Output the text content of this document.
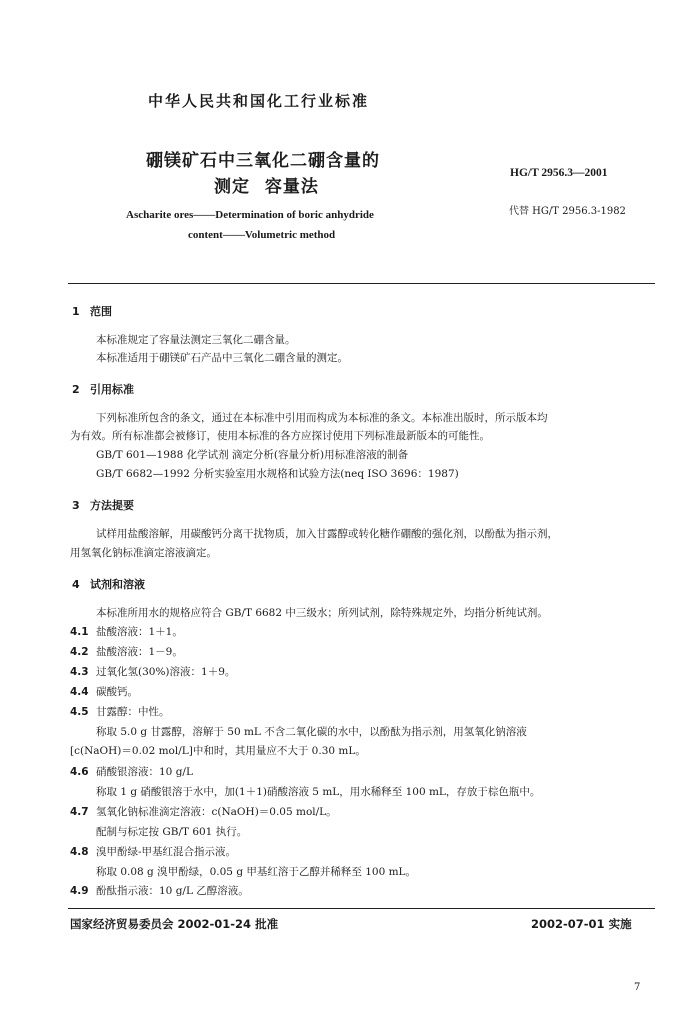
中华人民共和国化工行业标准
硼镁矿石中三氧化二硼含量的
测定 容量法
HG/T 2956.3—2001
代替 HG/T 2956.3-1982
Ascharite ores——Determination of boric anhydride
content——Volumetric method
1 范围
本标准规定了容量法测定三氧化二硼含量。
本标准适用于硼镁矿石产品中三氧化二硼含量的测定。
2 引用标准
下列标准所包含的条文，通过在本标准中引用而构成为本标准的条文。本标准出版时，所示版本均
为有效。所有标准都会被修订，使用本标准的各方应探讨使用下列标准最新版本的可能性。
GB/T 601—1988 化学试剂 滴定分析(容量分析)用标准溶液的制备
GB/T 6682—1992 分析实验室用水规格和试验方法(neq ISO 3696：1987)
3 方法提要
试样用盐酸溶解，用碳酸钙分离干扰物质，加入甘露醇或转化糖作硼酸的强化剂，以酚酞为指示剂，
用氢氧化钠标准滴定溶液滴定。
4 试剂和溶液
本标准所用水的规格应符合 GB/T 6682 中三级水；所列试剂，除特殊规定外，均指分析纯试剂。
4.1 盐酸溶液：1＋1。
4.2 盐酸溶液：1－9。
4.3 过氧化氢(30%)溶液：1＋9。
4.4 碳酸钙。
4.5 甘露醇：中性。
称取 5.0 g 甘露醇，溶解于 50 mL 不含二氧化碳的水中，以酚酞为指示剂，用氢氧化钠溶液
[c(NaOH)＝0.02 mol/L]中和时，其用量应不大于 0.30 mL。
4.6 硝酸银溶液：10 g/L
称取 1 g 硝酸银溶于水中，加(1＋1)硝酸溶液 5 mL，用水稀释至 100 mL，存放于棕色瓶中。
4.7 氢氧化钠标准滴定溶液：c(NaOH)＝0.05 mol/L。
配制与标定按 GB/T 601 执行。
4.8 溴甲酚绿-甲基红混合指示液。
称取 0.08 g 溴甲酚绿，0.05 g 甲基红溶于乙醇并稀释至 100 mL。
4.9 酚酞指示液：10 g/L 乙醇溶液。
国家经济贸易委员会 2002-01-24 批准	2002-07-01 实施
7
